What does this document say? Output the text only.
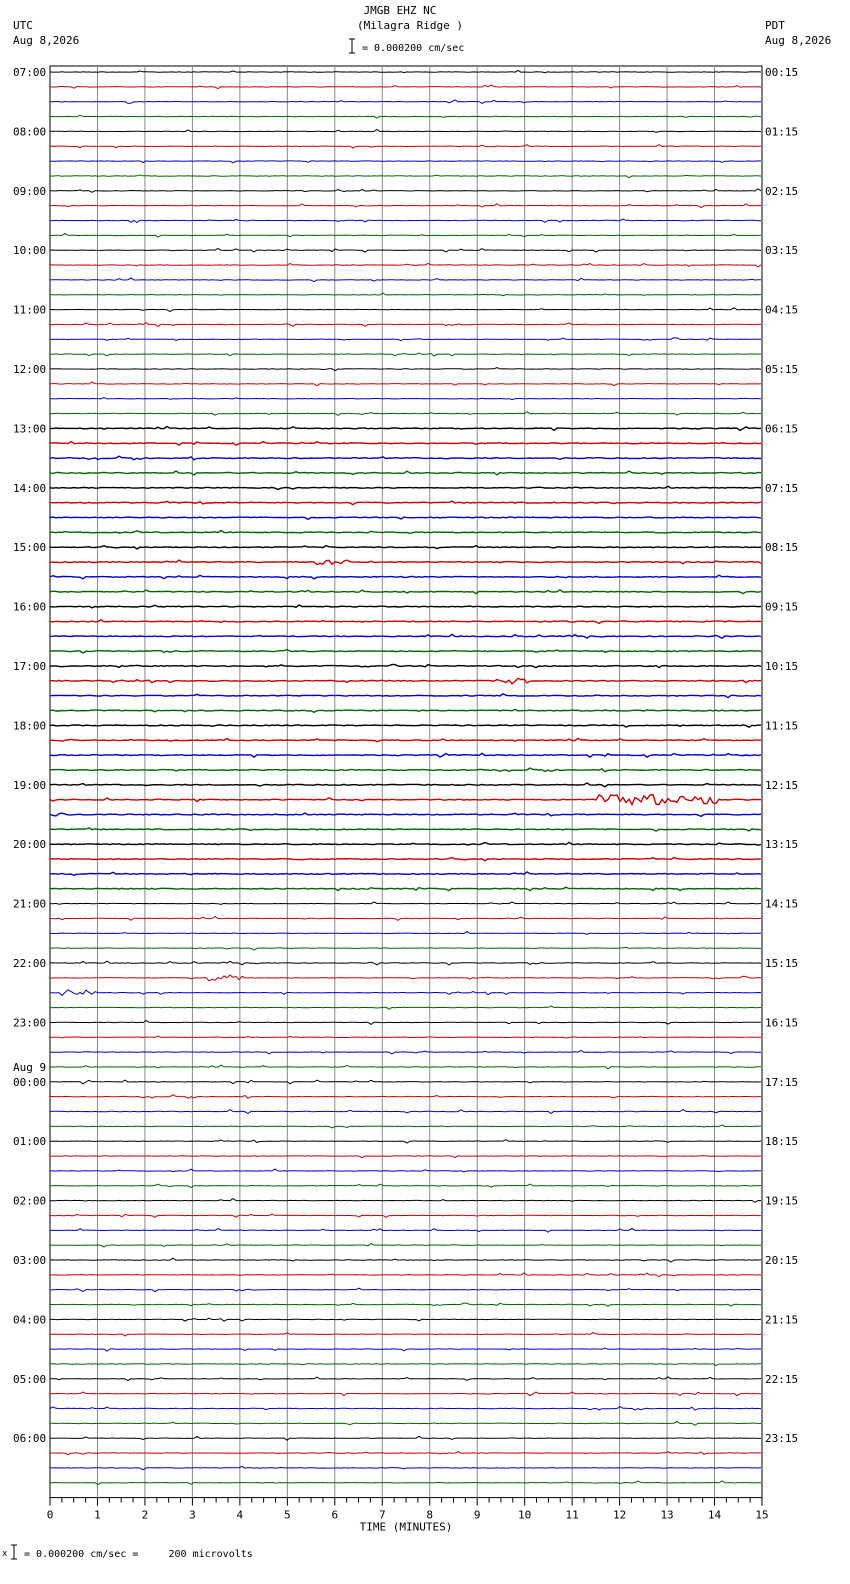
JMGB EHZ NC
(Milagra Ridge )
UTC
Aug 8,2026
PDT
Aug 8,2026
= 0.000200 cm/sec
07:00
08:00
09:00
10:00
11:00
12:00
13:00
14:00
15:00
16:00
17:00
18:00
19:00
20:00
21:00
22:00
23:00
00:00
Aug 9
01:00
02:00
03:00
04:00
05:00
06:00
00:15
01:15
02:15
03:15
04:15
05:15
06:15
07:15
08:15
09:15
10:15
11:15
12:15
13:15
14:15
15:15
16:15
17:15
18:15
19:15
20:15
21:15
22:15
23:15
0	1	2	3	4	5	6	7	8	9	10	11	12	13	14	15
TIME (MINUTES)
x = 0.000200 cm/sec =     200 microvolts
